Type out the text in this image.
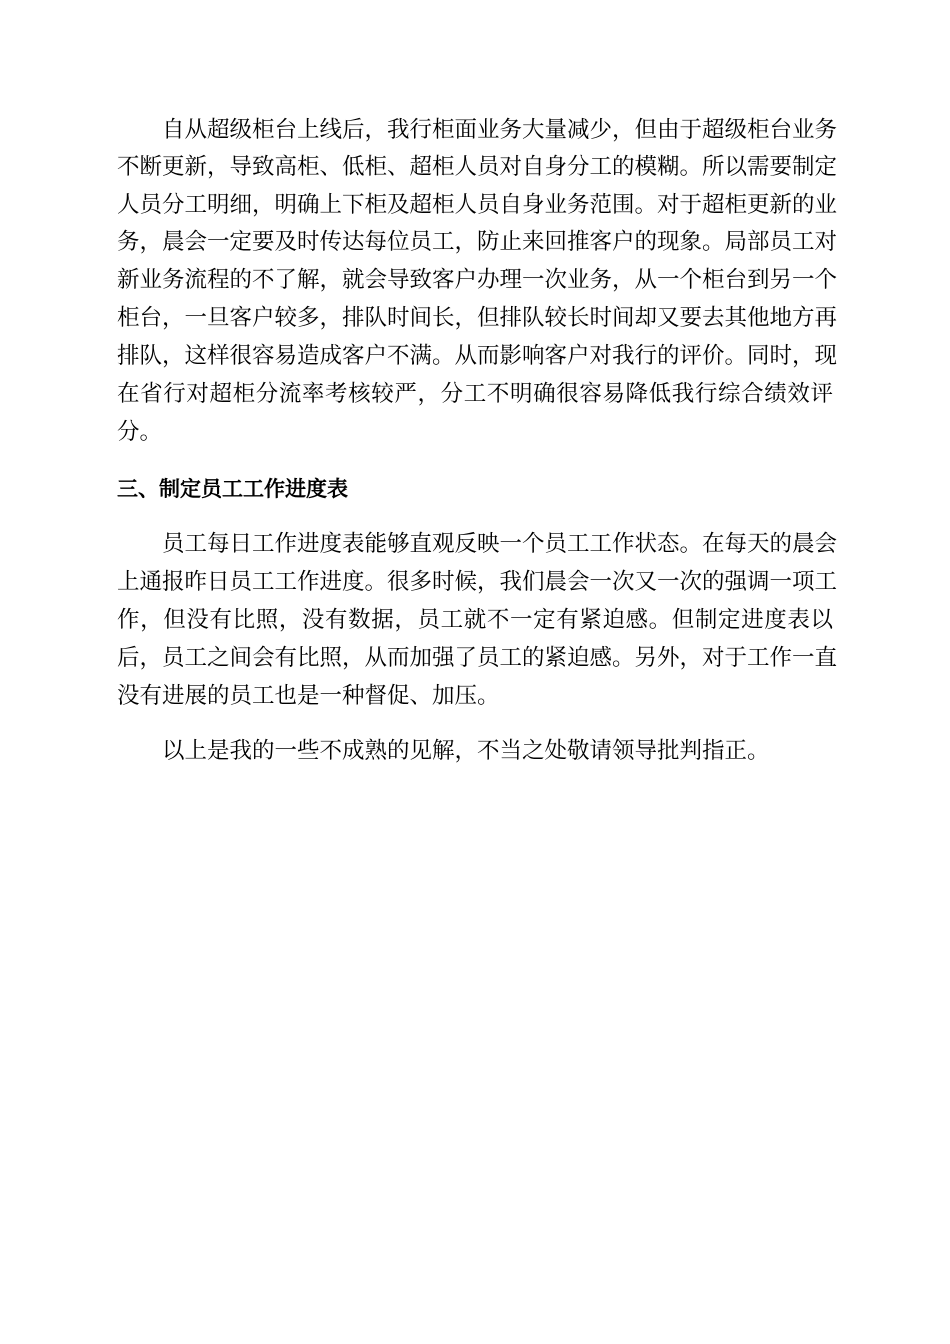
自从超级柜台上线后，我行柜面业务大量减少，但由于超级柜台业务
不断更新，导致高柜、低柜、超柜人员对自身分工的模糊。所以需要制定
人员分工明细，明确上下柜及超柜人员自身业务范围。对于超柜更新的业
务，晨会一定要及时传达每位员工，防止来回推客户的现象。局部员工对
新业务流程的不了解，就会导致客户办理一次业务，从一个柜台到另一个
柜台，一旦客户较多，排队时间长，但排队较长时间却又要去其他地方再
排队，这样很容易造成客户不满。从而影响客户对我行的评价。同时，现
在省行对超柜分流率考核较严，分工不明确很容易降低我行综合绩效评
分。
三、制定员工工作进度表
员工每日工作进度表能够直观反映一个员工工作状态。在每天的晨会
上通报昨日员工工作进度。很多时候，我们晨会一次又一次的强调一项工
作，但没有比照，没有数据，员工就不一定有紧迫感。但制定进度表以
后，员工之间会有比照，从而加强了员工的紧迫感。另外，对于工作一直
没有进展的员工也是一种督促、加压。
以上是我的一些不成熟的见解，不当之处敬请领导批判指正。
